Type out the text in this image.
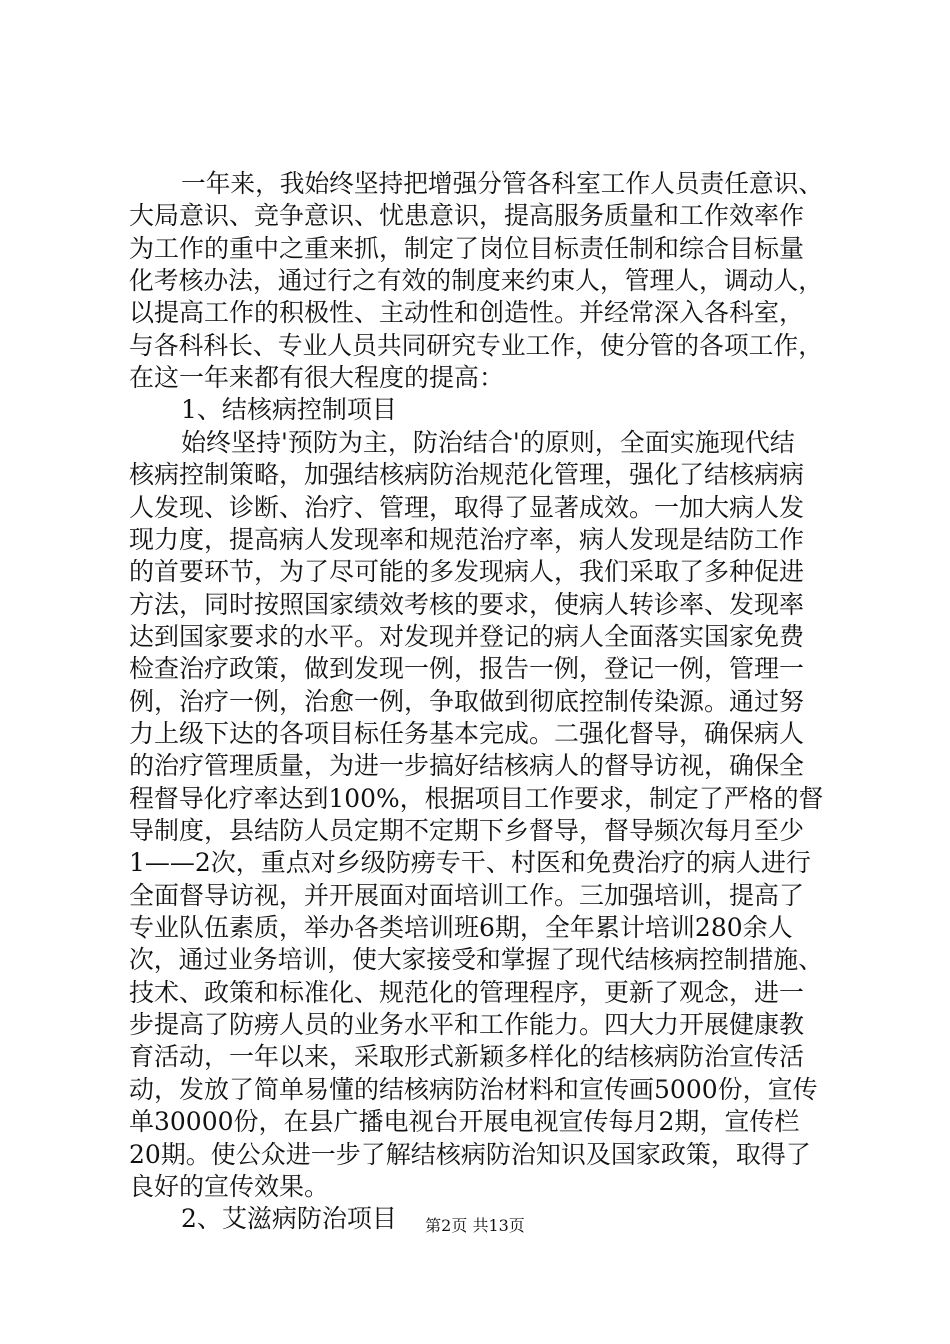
一年来，我始终坚持把增强分管各科室工作人员责任意识、
大局意识、竞争意识、忧患意识，提高服务质量和工作效率作
为工作的重中之重来抓，制定了岗位目标责任制和综合目标量
化考核办法，通过行之有效的制度来约束人，管理人，调动人，
以提高工作的积极性、主动性和创造性。并经常深入各科室，
与各科科长、专业人员共同研究专业工作，使分管的各项工作，
在这一年来都有很大程度的提高：
1、结核病控制项目
始终坚持'预防为主，防治结合'的原则，全面实施现代结
核病控制策略，加强结核病防治规范化管理，强化了结核病病
人发现、诊断、治疗、管理，取得了显著成效。一加大病人发
现力度，提高病人发现率和规范治疗率，病人发现是结防工作
的首要环节，为了尽可能的多发现病人，我们采取了多种促进
方法，同时按照国家绩效考核的要求，使病人转诊率、发现率
达到国家要求的水平。对发现并登记的病人全面落实国家免费
检查治疗政策，做到发现一例，报告一例，登记一例，管理一
例，治疗一例，治愈一例，争取做到彻底控制传染源。通过努
力上级下达的各项目标任务基本完成。二强化督导，确保病人
的治疗管理质量，为进一步搞好结核病人的督导访视，确保全
程督导化疗率达到100%，根据项目工作要求，制定了严格的督
导制度，县结防人员定期不定期下乡督导，督导频次每月至少
1——2次，重点对乡级防痨专干、村医和免费治疗的病人进行
全面督导访视，并开展面对面培训工作。三加强培训，提高了
专业队伍素质，举办各类培训班6期，全年累计培训280余人
次，通过业务培训，使大家接受和掌握了现代结核病控制措施、
技术、政策和标准化、规范化的管理程序，更新了观念，进一
步提高了防痨人员的业务水平和工作能力。四大力开展健康教
育活动，一年以来，采取形式新颖多样化的结核病防治宣传活
动，发放了简单易懂的结核病防治材料和宣传画5000份，宣传
单30000份，在县广播电视台开展电视宣传每月2期，宣传栏
20期。使公众进一步了解结核病防治知识及国家政策，取得了
良好的宣传效果。
2、艾滋病防治项目	第2页 共13页
